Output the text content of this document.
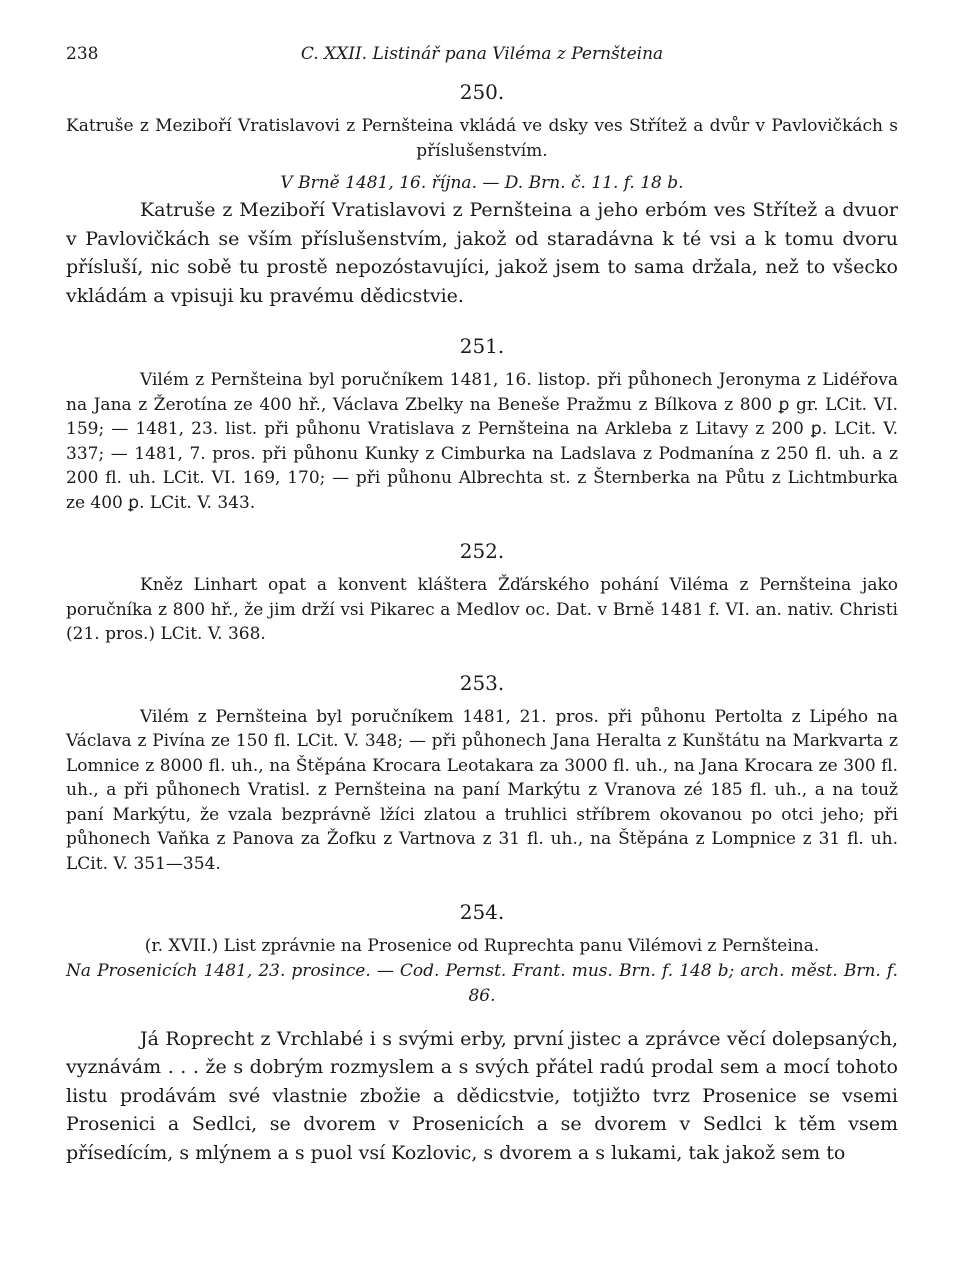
238	C. XXII. Listinář pana Viléma z Pernšteina
250.
Katruše z Meziboří Vratislavovi z Pernšteina vkládá ve dsky ves Střítež a dvůr v Pavlovičkách s příslušenstvím.
V Brně 1481, 16. října. — D. Brn. č. 11. f. 18 b.
Katruše z Meziboří Vratislavovi z Pernšteina a jeho erbóm ves Střítež a dvuor v Pavlovičkách se vším příslušenstvím, jakož od staradávna k té vsi a k tomu dvoru přísluší, nic sobě tu prostě nepozóstavujíci, jakož jsem to sama držala, než to všecko vkládám a vpisuji ku pravému dědicstvie.
251.
Vilém z Pernšteina byl poručníkem 1481, 16. listop. při půhonech Jeronyma z Lidéřova na Jana z Žerotína ze 400 hř., Václava Zbelky na Beneše Pražmu z Bílkova z 800 ꝑ gr. LCit. VI. 159; — 1481, 23. list. při půhonu Vratislava z Pernšteina na Arkleba z Litavy z 200 ꝑ. LCit. V. 337; — 1481, 7. pros. při půhonu Kunky z Cimburka na Ladslava z Podmanína z 250 fl. uh. a z 200 fl. uh. LCit. VI. 169, 170; — při půhonu Albrechta st. z Šternberka na Půtu z Lichtmburka ze 400 ꝑ. LCit. V. 343.
252.
Kněz Linhart opat a konvent kláštera Žďárského pohání Viléma z Pernšteina jako poručníka z 800 hř., že jim drží vsi Pikarec a Medlov oc. Dat. v Brně 1481 f. VI. an. nativ. Christi (21. pros.) LCit. V. 368.
253.
Vilém z Pernšteina byl poručníkem 1481, 21. pros. při půhonu Pertolta z Lipého na Václava z Pivína ze 150 fl. LCit. V. 348; — při půhonech Jana Heralta z Kunštátu na Markvarta z Lomnice z 8000 fl. uh., na Štěpána Krocara Leotakara za 3000 fl. uh., na Jana Krocara ze 300 fl. uh., a při půhonech Vratisl. z Pernšteina na paní Markýtu z Vranova zé 185 fl. uh., a na touž paní Markýtu, že vzala bezprávně lžíci zlatou a truhlici stříbrem okovanou po otci jeho; při půhonech Vaňka z Panova za Žofku z Vartnova z 31 fl. uh., na Štěpána z Lompnice z 31 fl. uh. LCit. V. 351—354.
254.
(r. XVII.) List zprávnie na Prosenice od Ruprechta panu Vilémovi z Pernšteina.
Na Prosenicích 1481, 23. prosince. — Cod. Pernst. Frant. mus. Brn. f. 148 b; arch. měst. Brn. f. 86.
Já Roprecht z Vrchlabé i s svými erby, první jistec a zprávce věcí dolepsaných, vyznávám . . . že s dobrým rozmyslem a s svých přátel radú prodal sem a mocí tohoto listu prodávám své vlastnie zbožie a dědicstvie, totjižto tvrz Prosenice se vsemi Prosenici a Sedlci, se dvorem v Prosenicích a se dvorem v Sedlci k těm vsem přísedícím, s mlýnem a s puol vsí Kozlovic, s dvorem a s lukami, tak jakož sem to
